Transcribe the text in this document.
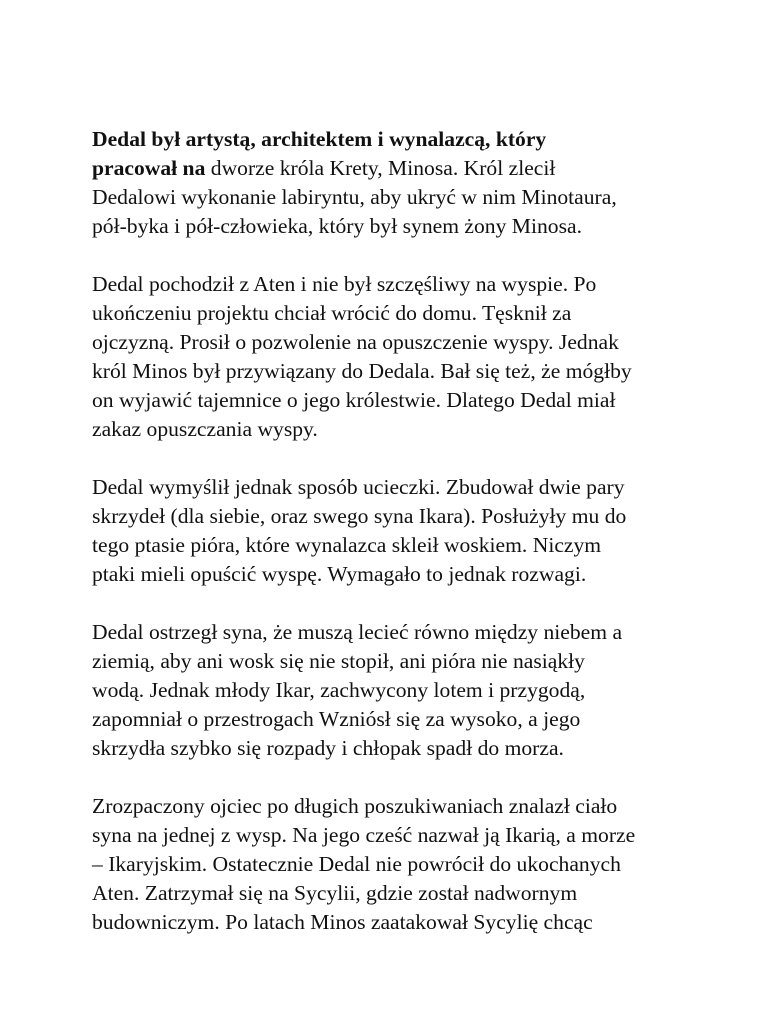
Dedal był artystą, architektem i wynalazcą, który
pracował na dworze króla Krety, Minosa. Król zlecił
Dedalowi wykonanie labiryntu, aby ukryć w nim Minotaura,
pół-byka i pół-człowieka, który był synem żony Minosa.
Dedal pochodził z Aten i nie był szczęśliwy na wyspie. Po
ukończeniu projektu chciał wrócić do domu. Tęsknił za
ojczyzną. Prosił o pozwolenie na opuszczenie wyspy. Jednak
król Minos był przywiązany do Dedala. Bał się też, że mógłby
on wyjawić tajemnice o jego królestwie. Dlatego Dedal miał
zakaz opuszczania wyspy.
Dedal wymyślił jednak sposób ucieczki. Zbudował dwie pary
skrzydeł (dla siebie, oraz swego syna Ikara). Posłużyły mu do
tego ptasie pióra, które wynalazca skleił woskiem. Niczym
ptaki mieli opuścić wyspę. Wymagało to jednak rozwagi.
Dedal ostrzegł syna, że muszą lecieć równo między niebem a
ziemią, aby ani wosk się nie stopił, ani pióra nie nasiąkły
wodą. Jednak młody Ikar, zachwycony lotem i przygodą,
zapomniał o przestrogach Wzniósł się za wysoko, a jego
skrzydła szybko się rozpady i chłopak spadł do morza.
Zrozpaczony ojciec po długich poszukiwaniach znalazł ciało
syna na jednej z wysp. Na jego cześć nazwał ją Ikarią, a morze
– Ikaryjskim. Ostatecznie Dedal nie powrócił do ukochanych
Aten. Zatrzymał się na Sycylii, gdzie został nadwornym
budowniczym. Po latach Minos zaatakował Sycylię chcąc
